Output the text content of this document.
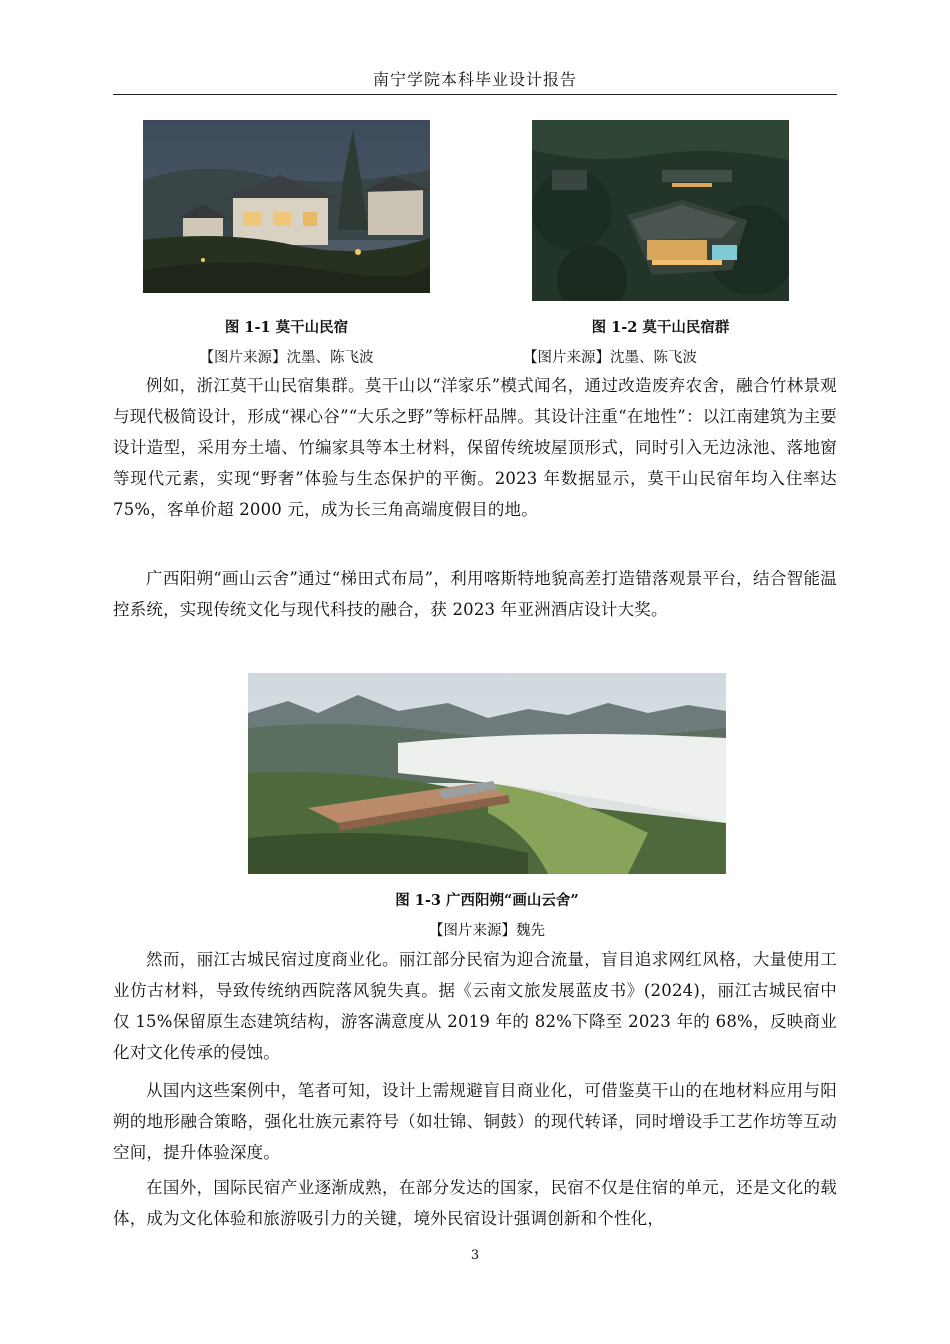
南宁学院本科毕业设计报告
图 1-1 莫干山民宿	图 1-2 莫干山民宿群
【图片来源】沈墨、陈飞波	【图片来源】沈墨、陈飞波
例如，浙江莫干山民宿集群。莫干山以“洋家乐”模式闻名，通过改造废弃农舍，融合竹林景观与现代极简设计，形成“裸心谷”“大乐之野”等标杆品牌。其设计注重“在地性”：以江南建筑为主要设计造型，采用夯土墙、竹编家具等本土材料，保留传统坡屋顶形式，同时引入无边泳池、落地窗等现代元素，实现“野奢”体验与生态保护的平衡。2023 年数据显示，莫干山民宿年均入住率达 75%，客单价超 2000 元，成为长三角高端度假目的地。
广西阳朔“画山云舍”通过“梯田式布局”，利用喀斯特地貌高差打造错落观景平台，结合智能温控系统，实现传统文化与现代科技的融合，获 2023 年亚洲酒店设计大奖。
图 1-3 广西阳朔“画山云舍”
【图片来源】魏先
然而，丽江古城民宿过度商业化。丽江部分民宿为迎合流量，盲目追求网红风格，大量使用工业仿古材料，导致传统纳西院落风貌失真。据《云南文旅发展蓝皮书》(2024)，丽江古城民宿中仅 15%保留原生态建筑结构，游客满意度从 2019 年的 82%下降至 2023 年的 68%，反映商业化对文化传承的侵蚀。
从国内这些案例中，笔者可知，设计上需规避盲目商业化，可借鉴莫干山的在地材料应用与阳朔的地形融合策略，强化壮族元素符号（如壮锦、铜鼓）的现代转译，同时增设手工艺作坊等互动空间，提升体验深度。
在国外，国际民宿产业逐渐成熟，在部分发达的国家，民宿不仅是住宿的单元，还是文化的载体，成为文化体验和旅游吸引力的关键，境外民宿设计强调创新和个性化，
3
